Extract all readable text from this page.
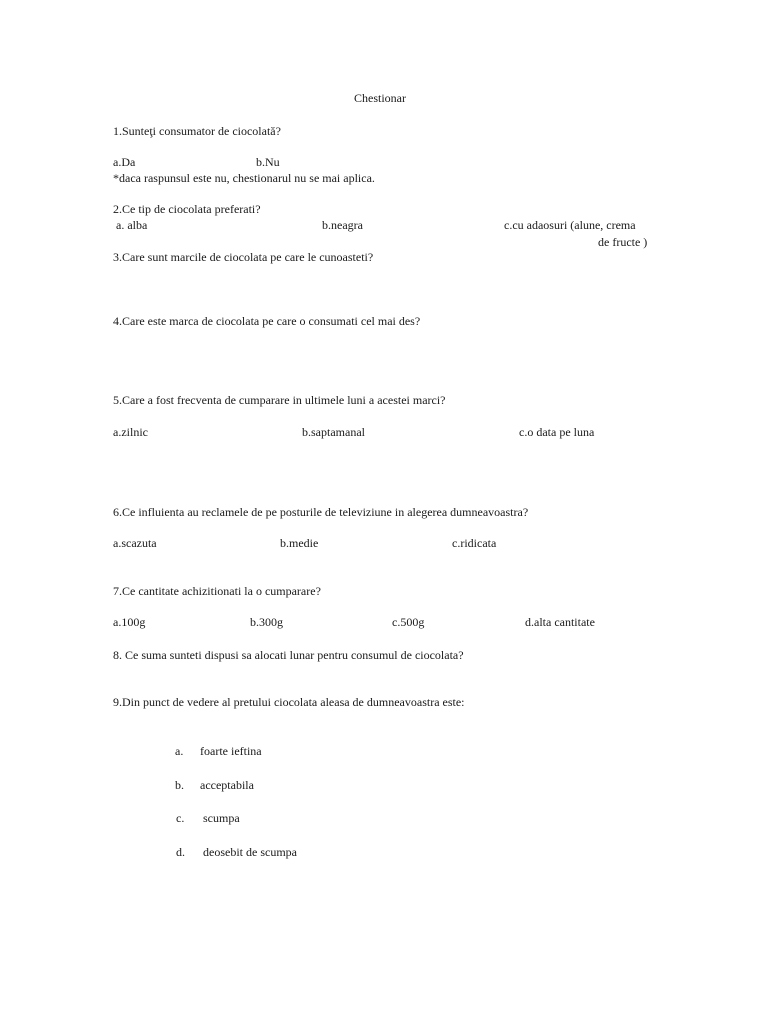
Chestionar
1.Sunteţi consumator de ciocolată?
a.Da	b.Nu
*daca raspunsul este nu, chestionarul nu se mai aplica.
2.Ce tip de ciocolata preferati?
a. alba	b.neagra	c.cu adaosuri (alune, crema
de fructe )
3.Care sunt marcile de ciocolata pe care le cunoasteti?
4.Care este marca de ciocolata pe care o consumati cel mai des?
5.Care a fost frecventa de cumparare in ultimele luni a acestei marci?
a.zilnic	b.saptamanal	c.o data pe luna
6.Ce influienta au reclamele de pe posturile de televiziune in alegerea dumneavoastra?
a.scazuta	b.medie	c.ridicata
7.Ce cantitate achizitionati la o cumparare?
a.100g	b.300g	c.500g	d.alta cantitate
8. Ce suma sunteti dispusi sa alocati lunar pentru consumul de ciocolata?
9.Din punct de vedere al pretului ciocolata aleasa de dumneavoastra este:
a. foarte ieftina
b. acceptabila
c. scumpa
d. deosebit de scumpa
